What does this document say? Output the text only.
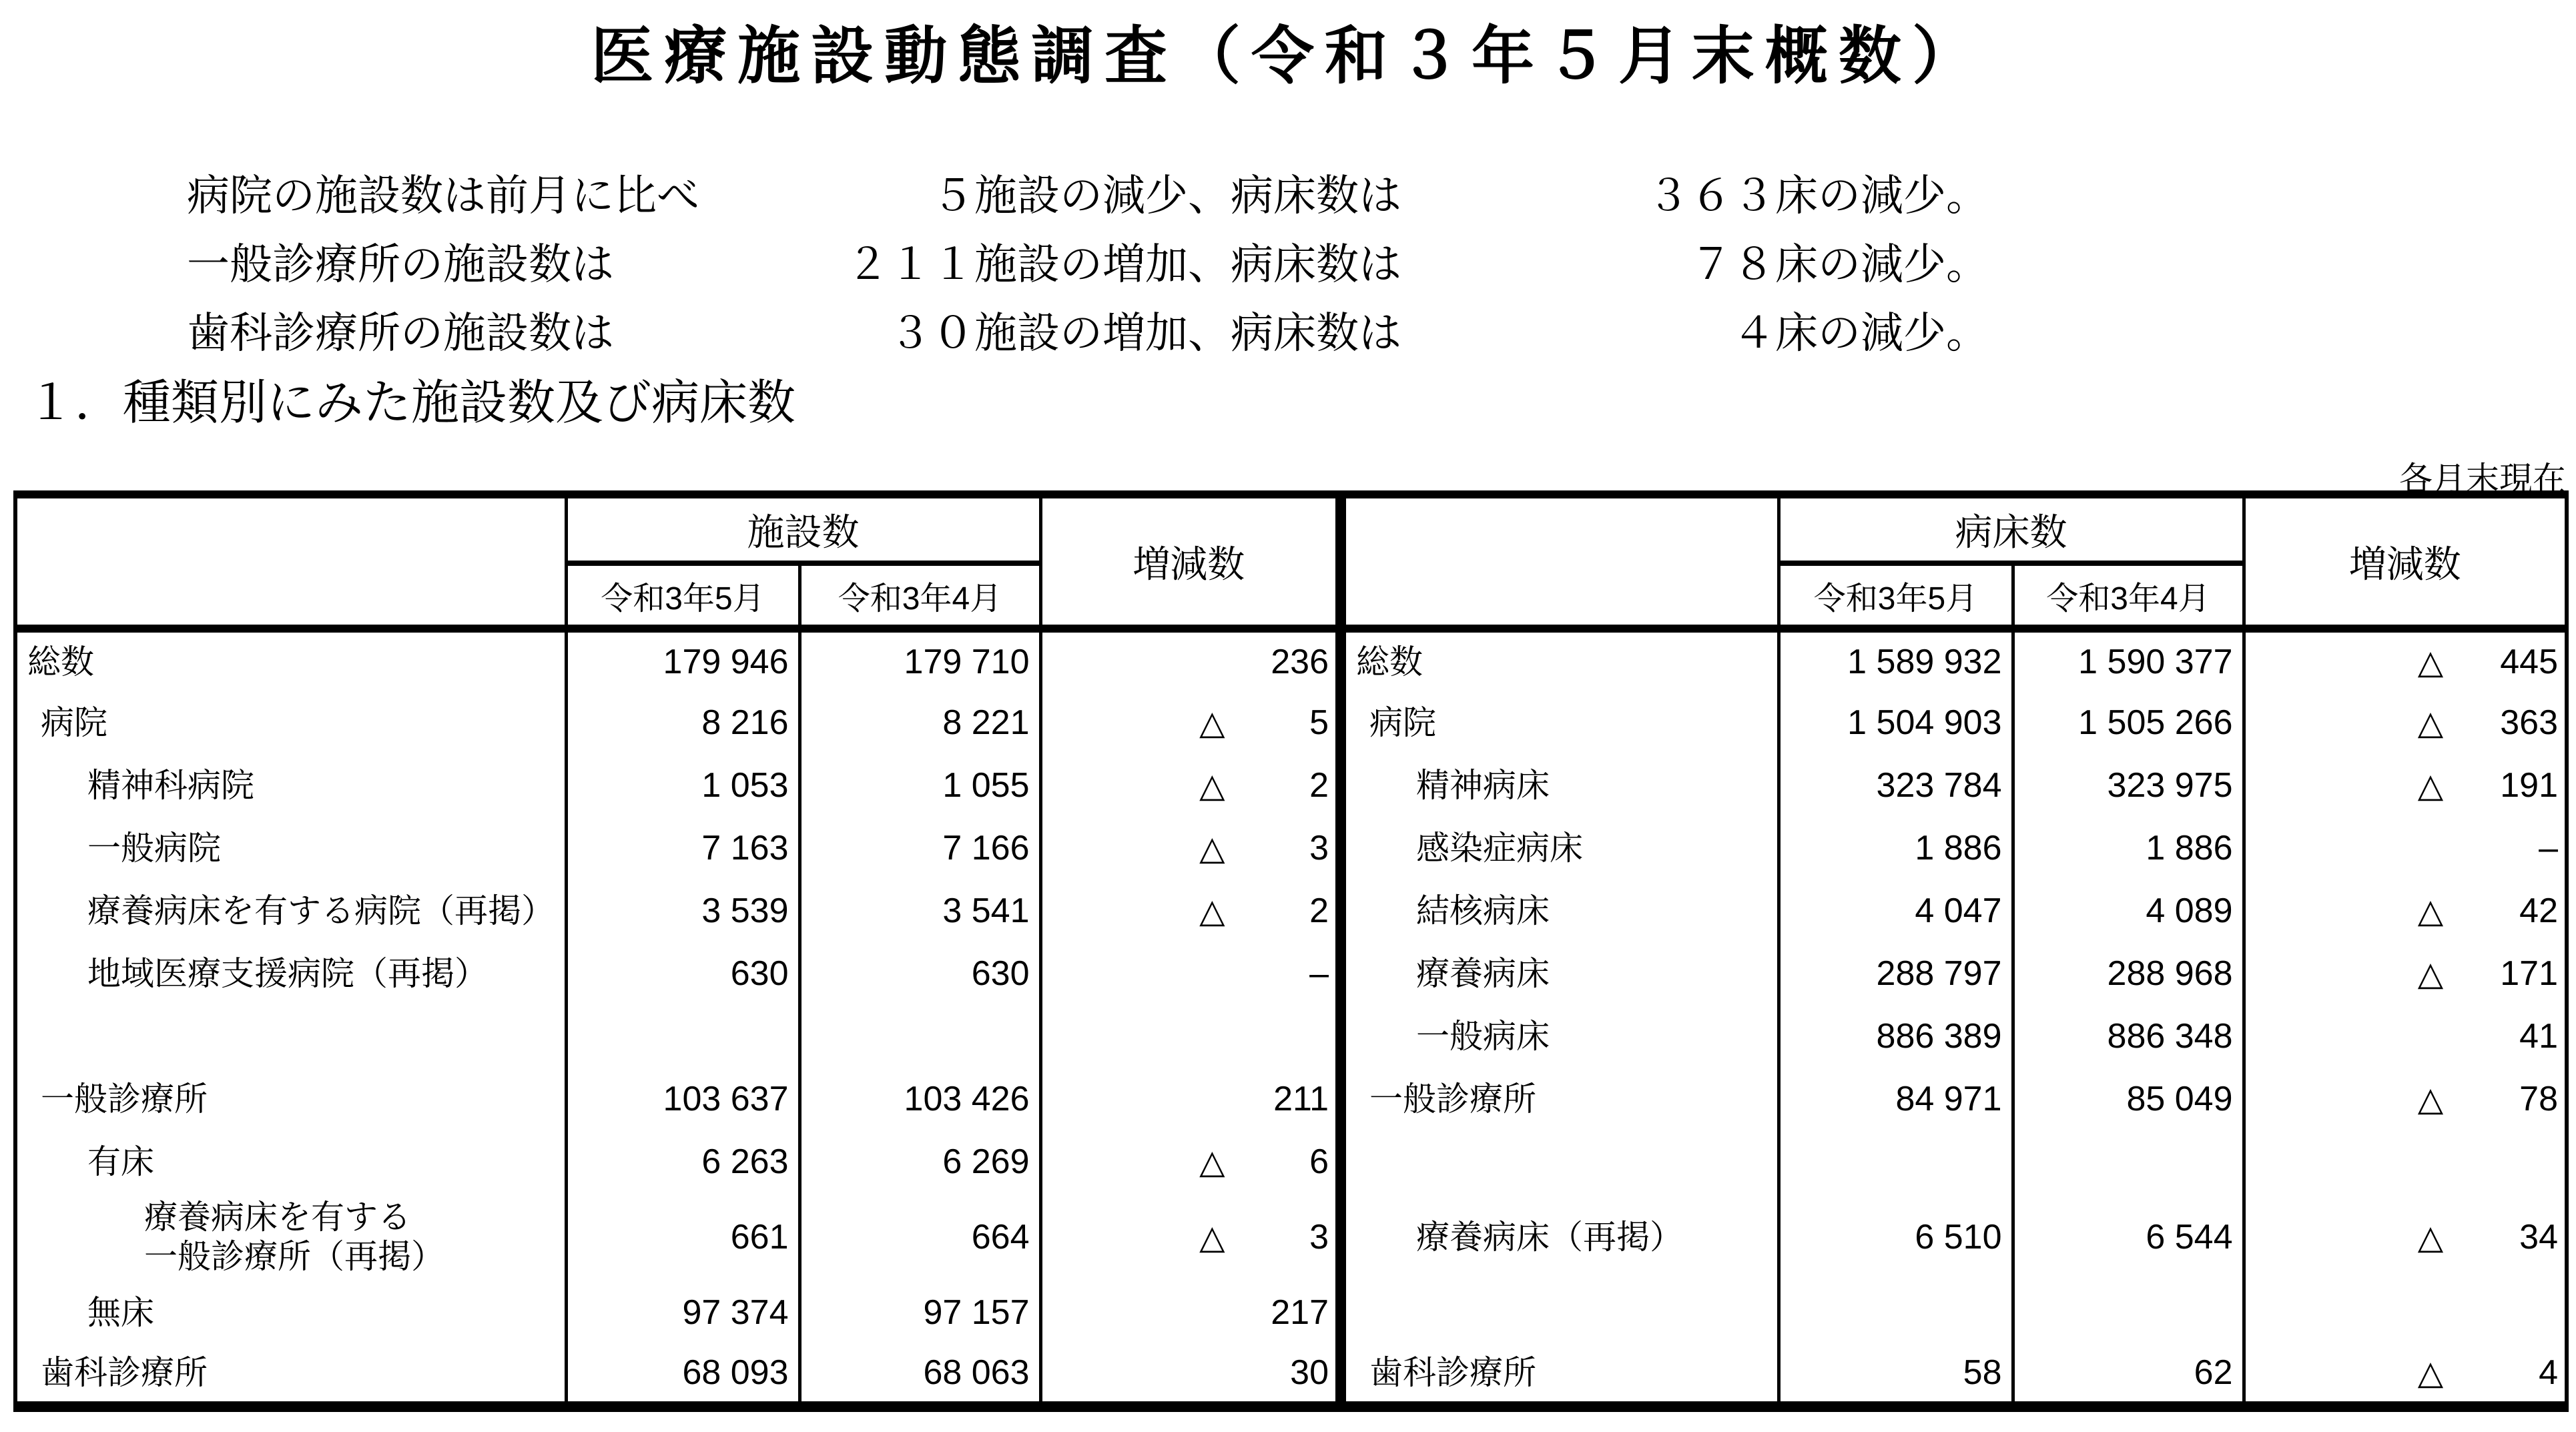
医療施設動態調査（令和３年５月末概数）
病院の施設数は前月に比べ	５ 施設の減少、病床数は	３６３ 床の減少。
一般診療所の施設数は	２１１ 施設の増加、病床数は	７８ 床の減少。
歯科診療所の施設数は	３０ 施設の増加、病床数は	４ 床の減少。
１．種類別にみた施設数及び病床数
各月末現在
	施設数		増減数		病床数		増減数
	令和3年5月	令和3年4月			令和3年5月	令和3年4月	
総数	179 946	179 710	236	総数	1 589 932	1 590 377	△ 445
病院	8 216	8 221	△ 5	病院	1 504 903	1 505 266	△ 363
精神科病院	1 053	1 055	△ 2	精神病床	323 784	323 975	△ 191
一般病院	7 163	7 166	△ 3	感染症病床	1 886	1 886	–
療養病床を有する病院（再掲）	3 539	3 541	△ 2	結核病床	4 047	4 089	△ 42
地域医療支援病院（再掲）	630	630	–	療養病床	288 797	288 968	△ 171
				一般病床	886 389	886 348	41
一般診療所	103 637	103 426	211	一般診療所	84 971	85 049	△ 78
有床	6 263	6 269	△ 6				

療養病床を有する
一般診療所（再掲）	661	664	△ 3	療養病床（再掲）	6 510	6 544	△ 34
無床	97 374	97 157	217				
歯科診療所	68 093	68 063	30	歯科診療所	58	62	△ 4
